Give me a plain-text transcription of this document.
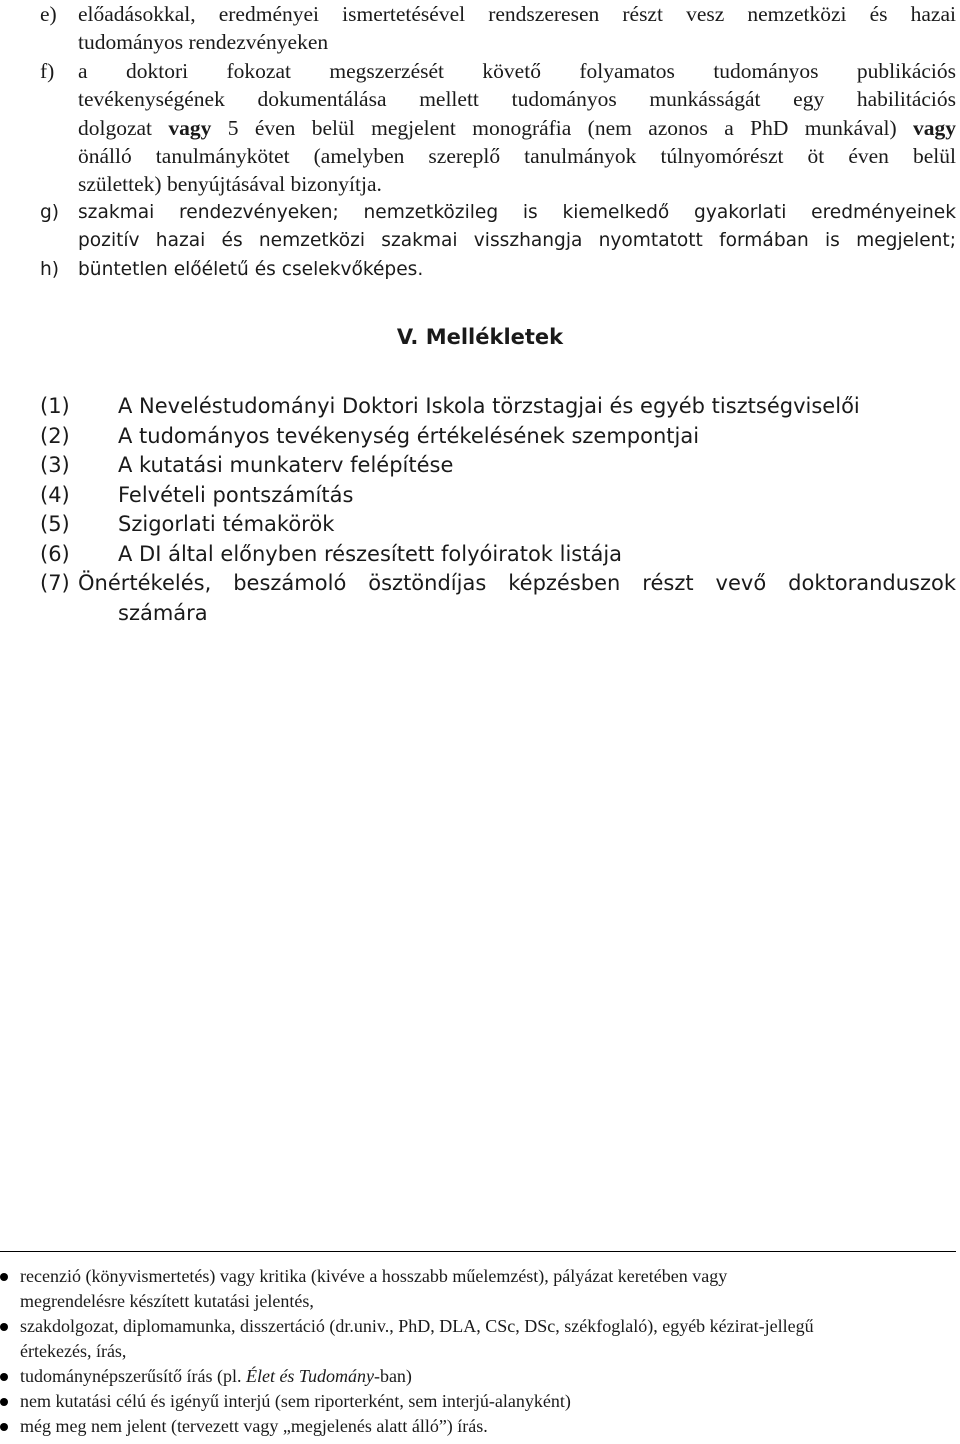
e) előadásokkal, eredményei ismertetésével rendszeresen részt vesz nemzetközi és hazai
tudományos rendezvényeken
f) a doktori fokozat megszerzését követő folyamatos tudományos publikációs
tevékenységének dokumentálása mellett tudományos munkásságát egy habilitációs
dolgozat vagy 5 éven belül megjelent monográfia (nem azonos a PhD munkával) vagy
önálló tanulmánykötet (amelyben szereplő tanulmányok túlnyomórészt öt éven belül
születtek) benyújtásával bizonyítja.
g) szakmai rendezvényeken; nemzetközileg is kiemelkedő gyakorlati eredményeinek
pozitív hazai és nemzetközi szakmai visszhangja nyomtatott formában is megjelent;
h) büntetlen előéletű és cselekvőképes.
V. Mellékletek
(1) A Neveléstudományi Doktori Iskola törzstagjai és egyéb tisztségviselői
(2) A tudományos tevékenység értékelésének szempontjai
(3) A kutatási munkaterv felépítése
(4) Felvételi pontszámítás
(5) Szigorlati témakörök
(6) A DI által előnyben részesített folyóiratok listája
(7) Önértékelés, beszámoló ösztöndíjas képzésben részt vevő doktoranduszok
számára
recenzió (könyvismertetés) vagy kritika (kivéve a hosszabb műelemzést), pályázat keretében vagy
megrendelésre készített kutatási jelentés,
szakdolgozat, diplomamunka, disszertáció (dr.univ., PhD, DLA, CSc, DSc, székfoglaló), egyéb kézirat-jellegű
értekezés, írás,
tudománynépszerűsítő írás (pl. Élet és Tudomány-ban)
nem kutatási célú és igényű interjú (sem riporterként, sem interjú-alanyként)
még meg nem jelent (tervezett vagy „megjelenés alatt álló”) írás.
